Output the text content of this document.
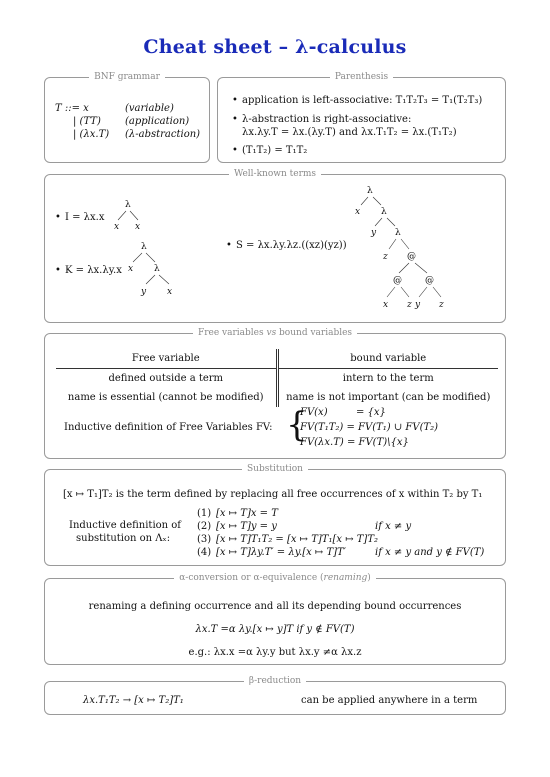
Cheat sheet – λ-calculus
BNF grammar
T ::= x	(variable)
| (TT) (application)
| (λx.T) (λ-abstraction)
Parenthesis
• application is left-associative: T₁T₂T₃ = T₁(T₂T₃)
• λ-abstraction is right-associative:
λx.λy.T = λx.(λy.T) and λx.T₁T₂ = λx.(T₁T₂)
• (T₁T₂) = T₁T₂
Well-known terms
• I = λx.x
• K = λx.λy.x
• S = λx.λy.λz.((xz)(yz))
λ
x x
λ
x λ
y x
λ
x λ
y λ
z @
@	@
x z y z
Free variables vs bound variables
Free variable	bound variable
defined outside a term	intern to the term
name is essential (cannot be modified)	name is not important (can be modified)
Inductive definition of Free Variables FV: {
FV(x)	= {x}
FV(T₁T₂) = FV(T₁) ∪ FV(T₂)
FV(λx.T) = FV(T)\{x}
Substitution
[x ↦ T₁]T₂ is the term defined by replacing all free occurrences of x within T₂ by T₁
Inductive definition of
substitution on Λₓ:
(1) [x ↦ T]x = T
(2) [x ↦ T]y = y	if x ≠ y
(3) [x ↦ T]T₁T₂ = [x ↦ T]T₁[x ↦ T]T₂
(4) [x ↦ T]λy.T′ = λy.[x ↦ T]T′	if x ≠ y and y ∉ FV(T)
α-conversion or α-equivalence (renaming)
renaming a defining occurrence and all its depending bound occurrences
λx.T =α λy.[x ↦ y]T if y ∉ FV(T)
e.g.: λx.x =α λy.y but λx.y ≠α λx.z
β-reduction
λx.T₁T₂ → [x ↦ T₂]T₁	can be applied anywhere in a term
